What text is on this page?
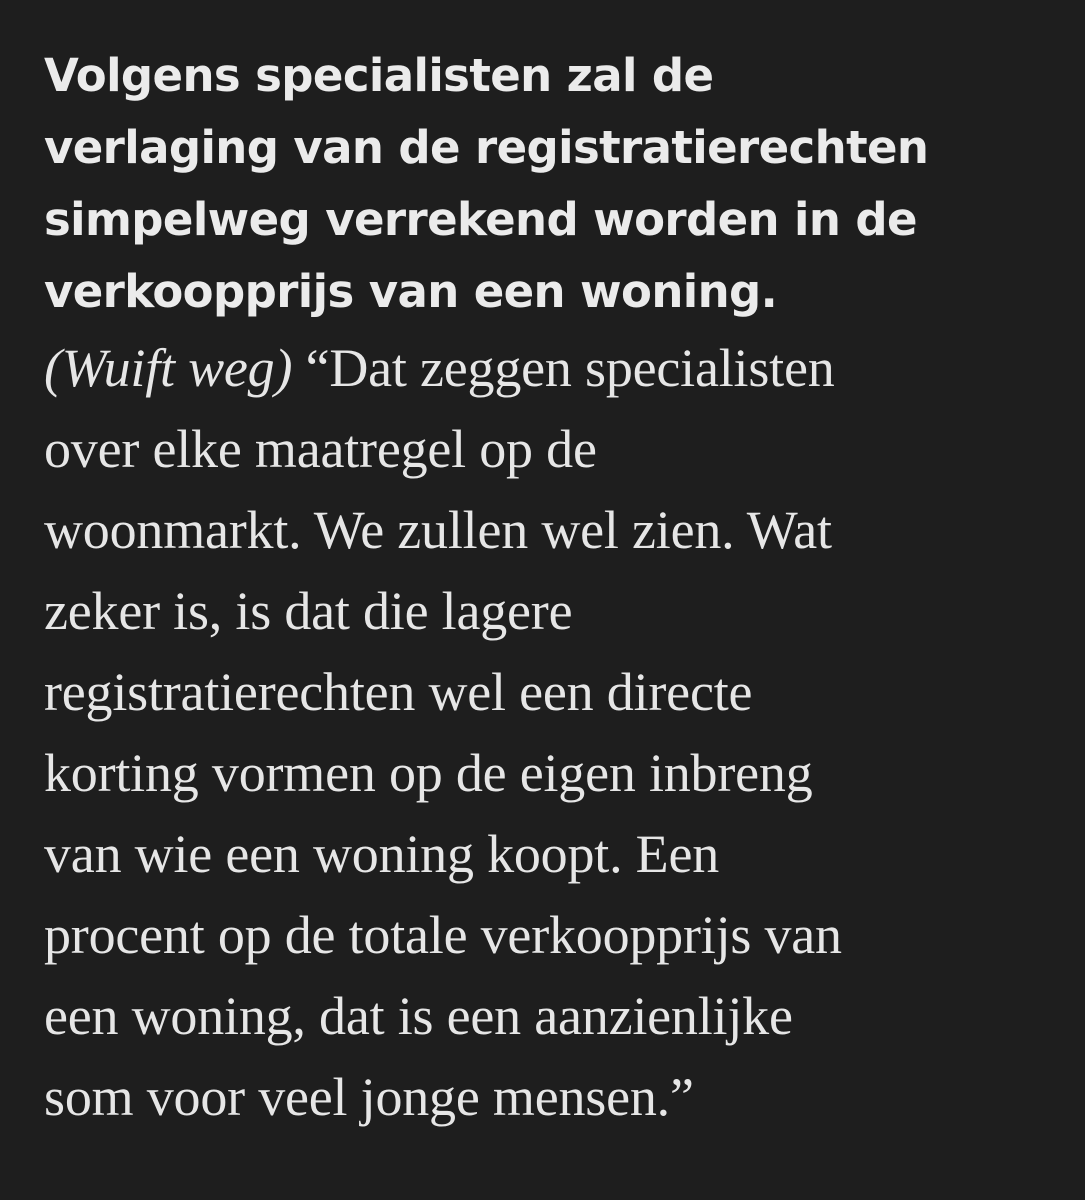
Volgens specialisten zal de
verlaging van de registratierechten
simpelweg verrekend worden in de
verkoopprijs van een woning.

(Wuift weg) “Dat zeggen specialisten
over elke maatregel op de
woonmarkt. We zullen wel zien. Wat
zeker is, is dat die lagere
registratierechten wel een directe
korting vormen op de eigen inbreng
van wie een woning koopt. Een
procent op de totale verkoopprijs van
een woning, dat is een aanzienlijke
som voor veel jonge mensen.”
